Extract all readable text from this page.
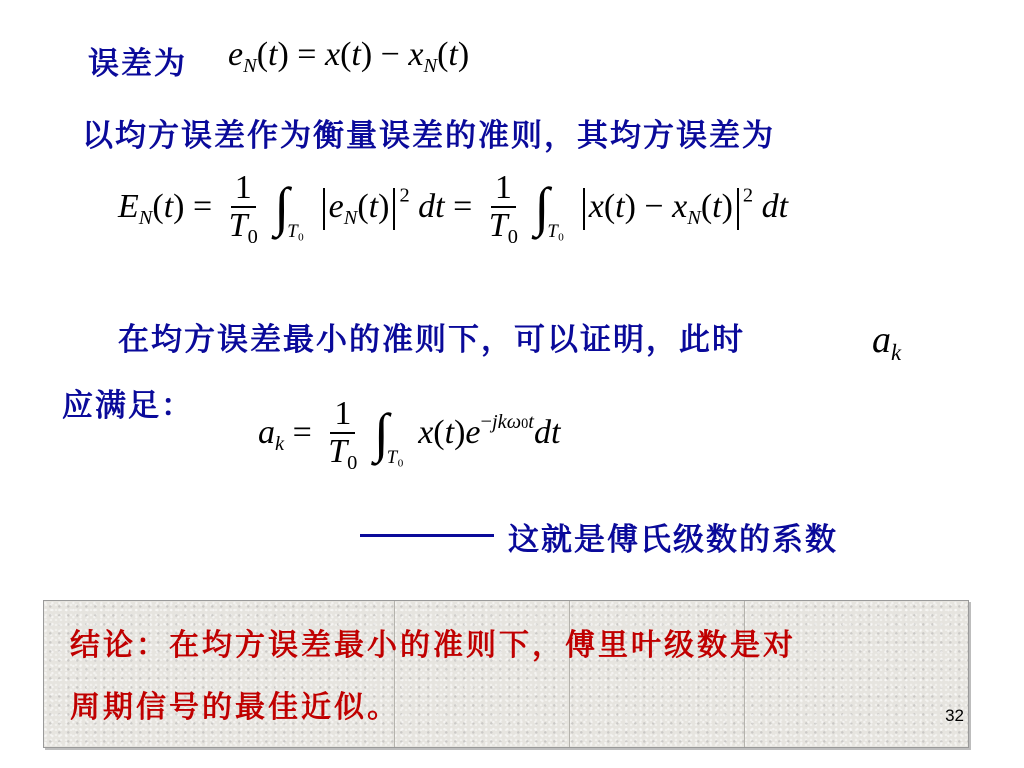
误差为 $e_N(t) = x(t) - x_N(t)$
以均方误差作为衡量误差的准则，其均方误差为
$E_N(t) = \frac{1}{T_0} \int_{T_0}$ $e_N(t)$ $^2$ dt = $\frac{1}{T_0} \int_{T_0}$ $x(t) - x_N(t)$ $^2$ dt
在均方误差最小的准则下，可以证明，此时	$a_k$
应满足：
$a_k = \frac{1}{T_0} \int_{T_0}$ $x(t)e^{-jk\omega 0t}dt$
这就是傅氏级数的系数
结论：在均方误差最小的准则下，傅里叶级数是对
周期信号的最佳近似。	32
